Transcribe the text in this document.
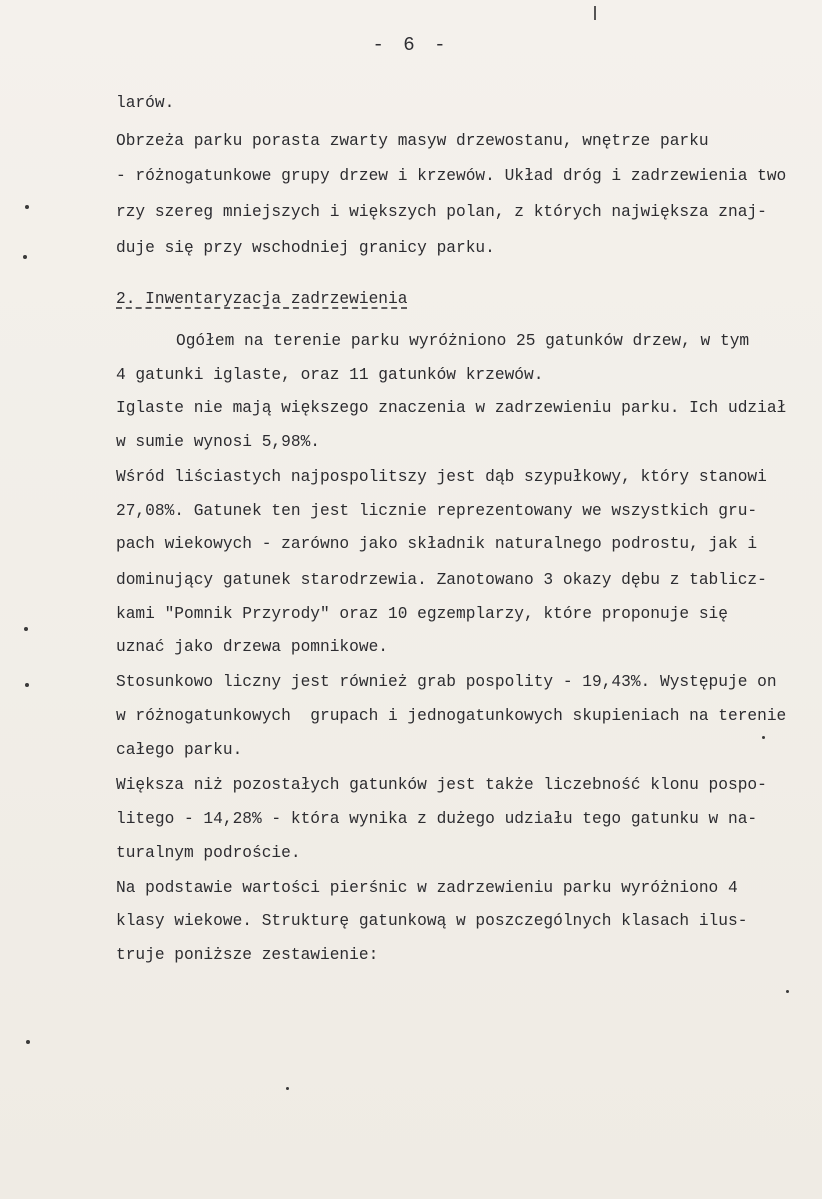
- 6 -
larów.
Obrzeża parku porasta zwarty masyw drzewostanu, wnętrze parku
- różnogatunkowe grupy drzew i krzewów. Układ dróg i zadrzewienia two
rzy szereg mniejszych i większych polan, z których największa znaj-
duje się przy wschodniej granicy parku.
2. Inwentaryzacja zadrzewienia
Ogółem na terenie parku wyróżniono 25 gatunków drzew, w tym
4 gatunki iglaste, oraz 11 gatunków krzewów.
Iglaste nie mają większego znaczenia w zadrzewieniu parku. Ich udział
w sumie wynosi 5,98%.
Wśród liściastych najpospolitszy jest dąb szypułkowy, który stanowi
27,08%. Gatunek ten jest licznie reprezentowany we wszystkich gru-
pach wiekowych - zarówno jako składnik naturalnego podrostu, jak i
dominujący gatunek starodrzewia. Zanotowano 3 okazy dębu z tablicz-
kami "Pomnik Przyrody" oraz 10 egzemplarzy, które proponuje się
uznać jako drzewa pomnikowe.
Stosunkowo liczny jest również grab pospolity - 19,43%. Występuje on
w różnogatunkowych  grupach i jednogatunkowych skupieniach na terenie
całego parku.
Większa niż pozostałych gatunków jest także liczebność klonu pospo-
litego - 14,28% - która wynika z dużego udziału tego gatunku w na-
turalnym podroście.
Na podstawie wartości pierśnic w zadrzewieniu parku wyróżniono 4
klasy wiekowe. Strukturę gatunkową w poszczególnych klasach ilus-
truje poniższe zestawienie:
